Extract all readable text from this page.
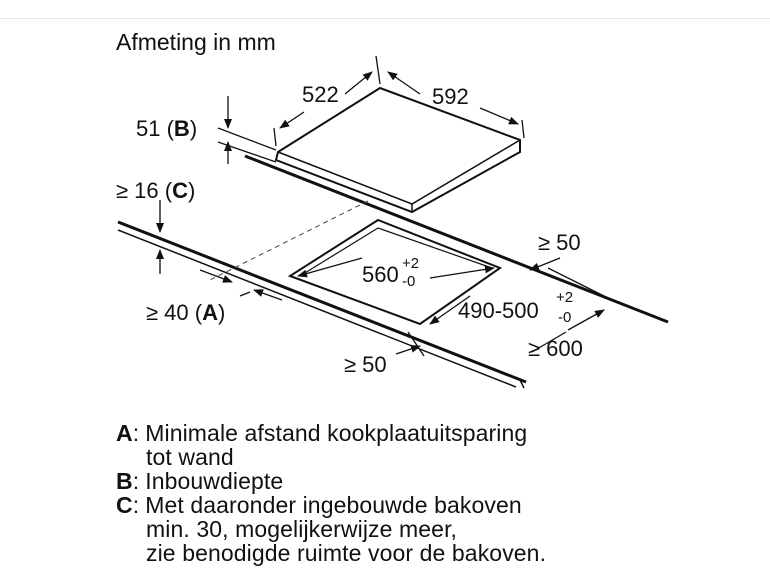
Afmeting in mm
522	592
51 (B)
≥ 16 (C)
≥ 40 (A)
560 +2
-0
490-500
+2
-0
≥ 50
≥ 600
≥ 50
A : Minimale afstand kookplaatuitsparing
tot wand
B : Inbouwdiepte
C : Met daaronder ingebouwde bakoven
min. 30, mogelijkerwijze meer,
zie benodigde ruimte voor de bakoven.
